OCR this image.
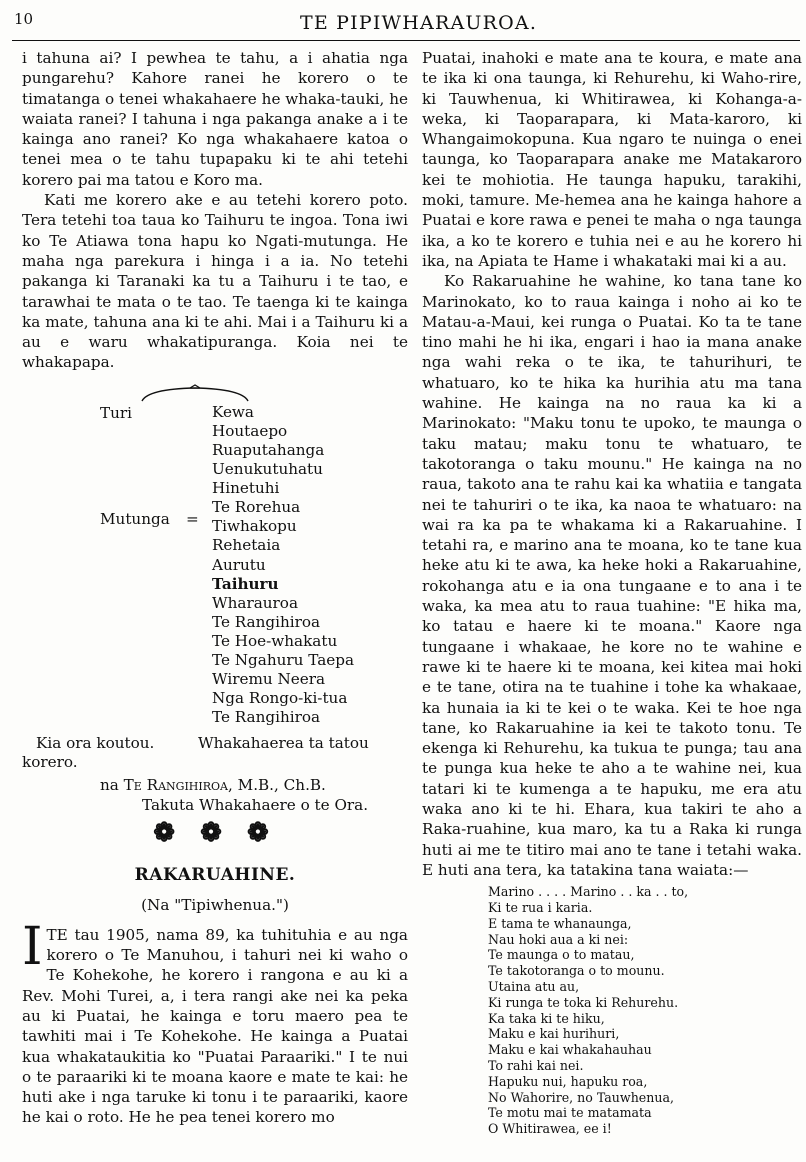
10	TE PIPIWHARAUROA.

i tahuna ai? I pewhea te tahu, a i ahatia nga pungarehu? Kahore ranei he korero o te timatanga o tenei whakahaere he whaka-tauki, he waiata ranei? I tahuna i nga pakanga anake a i te kainga ano ranei? Ko nga whakahaere katoa o tenei mea o te tahu tupapaku ki te ahi tetehi korero pai ma tatou e Koro ma.

Kati me korero ake e au tetehi korero poto. Tera tetehi toa taua ko Taihuru te ingoa. Tona iwi ko Te Atiawa tona hapu ko Ngati-mutunga. He maha nga parekura i hinga i a ia. No tetehi pakanga ki Taranaki ka tu a Taihuru i te tao, e tarawhai te mata o te tao. Te taenga ki te kainga ka mate, tahuna ana ki te ahi. Mai i a Taihuru ki a au e waru whakatipuranga. Koia nei te whakapapa.

Turi
Mutunga =
Kewa
Houtaepo
Ruaputahanga
Uenukutuhatu
Hinetuhi
Te Rorehua
Tiwhakopu
Rehetaia
Aurutu
Taihuru
Wharauroa
Te Rangihiroa
Te Hoe-whakatu
Te Ngahuru Taepa
Wiremu Neera
Nga Rongo-ki-tua
Te Rangihiroa
Kia ora koutou.	Whakahaerea ta tatou
korero.
na Te Rangihiroa, M.B., Ch.B.
Takuta Whakahaere o te Ora.
❁ ❁ ❁
RAKARUAHINE.
(Na "Tipiwhenua.")
I TE tau 1905, nama 89, ka tuhituhia e au nga korero o Te Manuhou, i tahuri nei ki waho o Te Kohekohe, he korero i rangona e au ki a Rev. Mohi Turei, a, i tera rangi ake nei ka peka au ki Puatai, he kainga e toru maero pea te tawhiti mai i Te Kohekohe. He kainga a Puatai kua whakataukitia ko "Puatai Paraariki." I te nui o te paraariki ki te moana kaore e mate te kai: he huti ake i nga taruke ki tonu i te paraariki, kaore he kai o roto. He he pea tenei korero mo

Puatai, inahoki e mate ana te koura, e mate ana te ika ki ona taunga, ki Rehurehu, ki Waho-rire, ki Tauwhenua, ki Whitirawea, ki Kohanga-a-weka, ki Taoparapara, ki Mata-karoro, ki Whangaimokopuna. Kua ngaro te nuinga o enei taunga, ko Taoparapara anake me Matakaroro kei te mohiotia. He taunga hapuku, tarakihi, moki, tamure. Me-hemea ana he kainga hahore a Puatai e kore rawa e penei te maha o nga taunga ika, a ko te korero e tuhia nei e au he korero hi ika, na Apiata te Hame i whakataki mai ki a au.

Ko Rakaruahine he wahine, ko tana tane ko Marinokato, ko to raua kainga i noho ai ko te Matau-a-Maui, kei runga o Puatai. Ko ta te tane tino mahi he hi ika, engari i hao ia mana anake nga wahi reka o te ika, te tahurihuri, te whatuaro, ko te hika ka hurihia atu ma tana wahine. He kainga na no raua ka ki a Marinokato: "Maku tonu te upoko, te maunga o taku matau; maku tonu te whatuaro, te takotoranga o taku mounu." He kainga na no raua, takoto ana te rahu kai ka whatiia e tangata nei te tahuriri o te ika, ka naoa te whatuaro: na wai ra ka pa te whakama ki a Rakaruahine. I tetahi ra, e marino ana te moana, ko te tane kua heke atu ki te awa, ka heke hoki a Rakaruahine, rokohanga atu e ia ona tungaane e to ana i te waka, ka mea atu to raua tuahine: "E hika ma, ko tatau e haere ki te moana." Kaore nga tungaane i whakaae, he kore no te wahine e rawe ki te haere ki te moana, kei kitea mai hoki e te tane, otira na te tuahine i tohe ka whakaae, ka hunaia ia ki te kei o te waka. Kei te hoe nga tane, ko Rakaruahine ia kei te takoto tonu. Te ekenga ki Rehurehu, ka tukua te punga; tau ana te punga kua heke te aho a te wahine nei, kua tatari ki te kumenga a te hapuku, me era atu waka ano ki te hi. Ehara, kua takiri te aho a Raka-ruahine, kua maro, ka tu a Raka ki runga huti ai me te titiro mai ano te tane i tetahi waka. E huti ana tera, ka tatakina tana waiata:—

Marino . . . . Marino . . ka . . to,
Ki te rua i karia.
E tama te whanaunga,
Nau hoki aua a ki nei:
Te maunga o to matau,
Te takotoranga o to mounu.
Utaina atu au,
Ki runga te toka ki Rehurehu.
Ka taka ki te hiku,
Maku e kai hurihuri,
Maku e kai whakahauhau
To rahi kai nei.
Hapuku nui, hapuku roa,
No Wahorire, no Tauwhenua,
Te motu mai te matamata
O Whitirawea, ee i!
